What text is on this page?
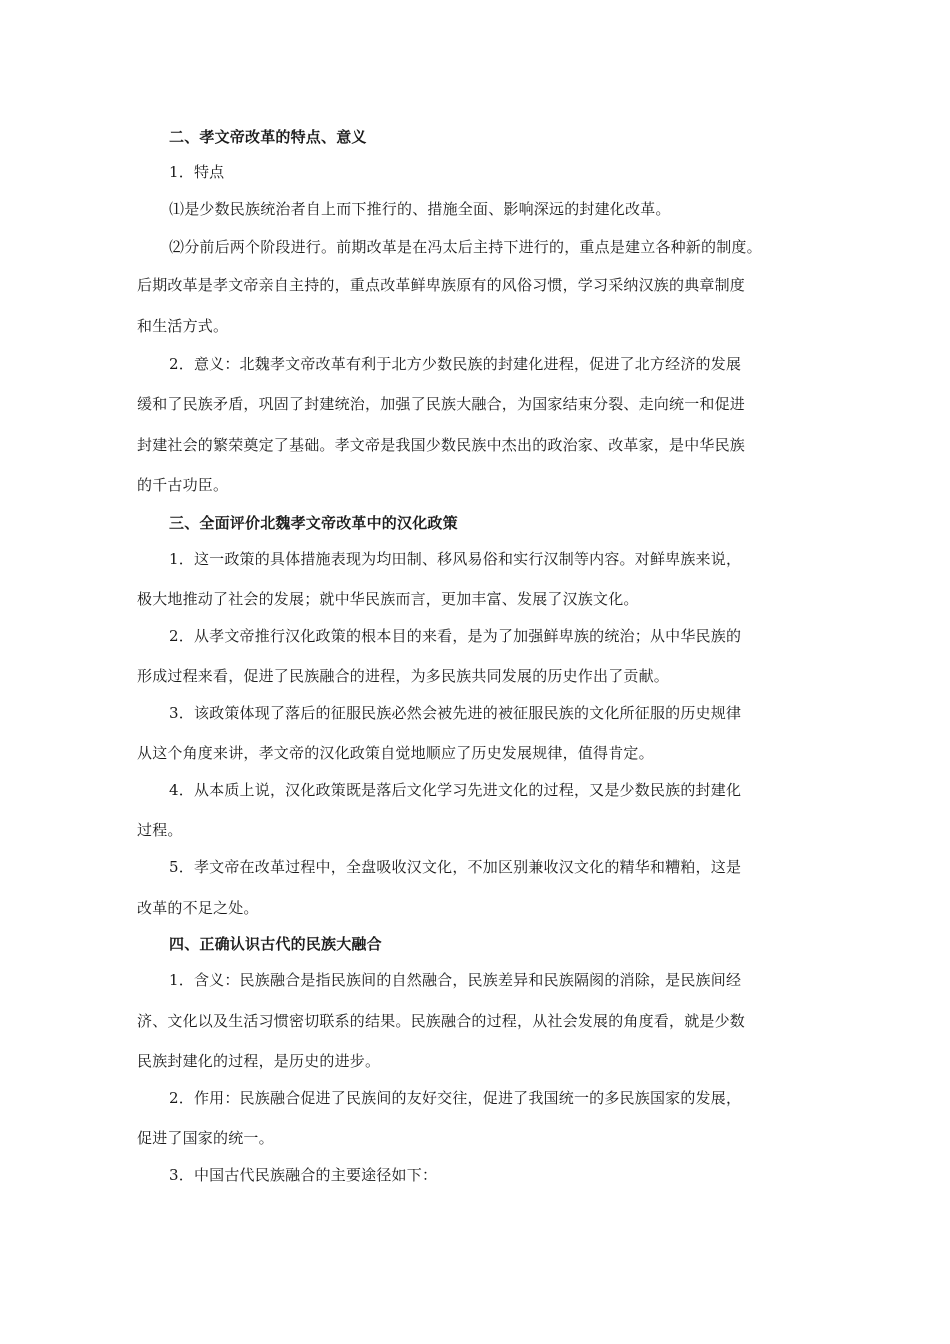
二、孝文帝改革的特点、意义
1．特点
⑴是少数民族统治者自上而下推行的、措施全面、影响深远的封建化改革。
⑵分前后两个阶段进行。前期改革是在冯太后主持下进行的，重点是建立各种新的制度。
后期改革是孝文帝亲自主持的，重点改革鲜卑族原有的风俗习惯，学习采纳汉族的典章制度
和生活方式。
2．意义：北魏孝文帝改革有利于北方少数民族的封建化进程，促进了北方经济的发展
缓和了民族矛盾，巩固了封建统治，加强了民族大融合，为国家结束分裂、走向统一和促进
封建社会的繁荣奠定了基础。孝文帝是我国少数民族中杰出的政治家、改革家，是中华民族
的千古功臣。
三、全面评价北魏孝文帝改革中的汉化政策
1．这一政策的具体措施表现为均田制、移风易俗和实行汉制等内容。对鲜卑族来说，
极大地推动了社会的发展；就中华民族而言，更加丰富、发展了汉族文化。
2．从孝文帝推行汉化政策的根本目的来看，是为了加强鲜卑族的统治；从中华民族的
形成过程来看，促进了民族融合的进程，为多民族共同发展的历史作出了贡献。
3．该政策体现了落后的征服民族必然会被先进的被征服民族的文化所征服的历史规律
从这个角度来讲，孝文帝的汉化政策自觉地顺应了历史发展规律，值得肯定。
4．从本质上说，汉化政策既是落后文化学习先进文化的过程，又是少数民族的封建化
过程。
5．孝文帝在改革过程中，全盘吸收汉文化，不加区别兼收汉文化的精华和糟粕，这是
改革的不足之处。
四、正确认识古代的民族大融合
1．含义：民族融合是指民族间的自然融合，民族差异和民族隔阂的消除，是民族间经
济、文化以及生活习惯密切联系的结果。民族融合的过程，从社会发展的角度看，就是少数
民族封建化的过程，是历史的进步。
2．作用：民族融合促进了民族间的友好交往，促进了我国统一的多民族国家的发展，
促进了国家的统一。
3．中国古代民族融合的主要途径如下：
